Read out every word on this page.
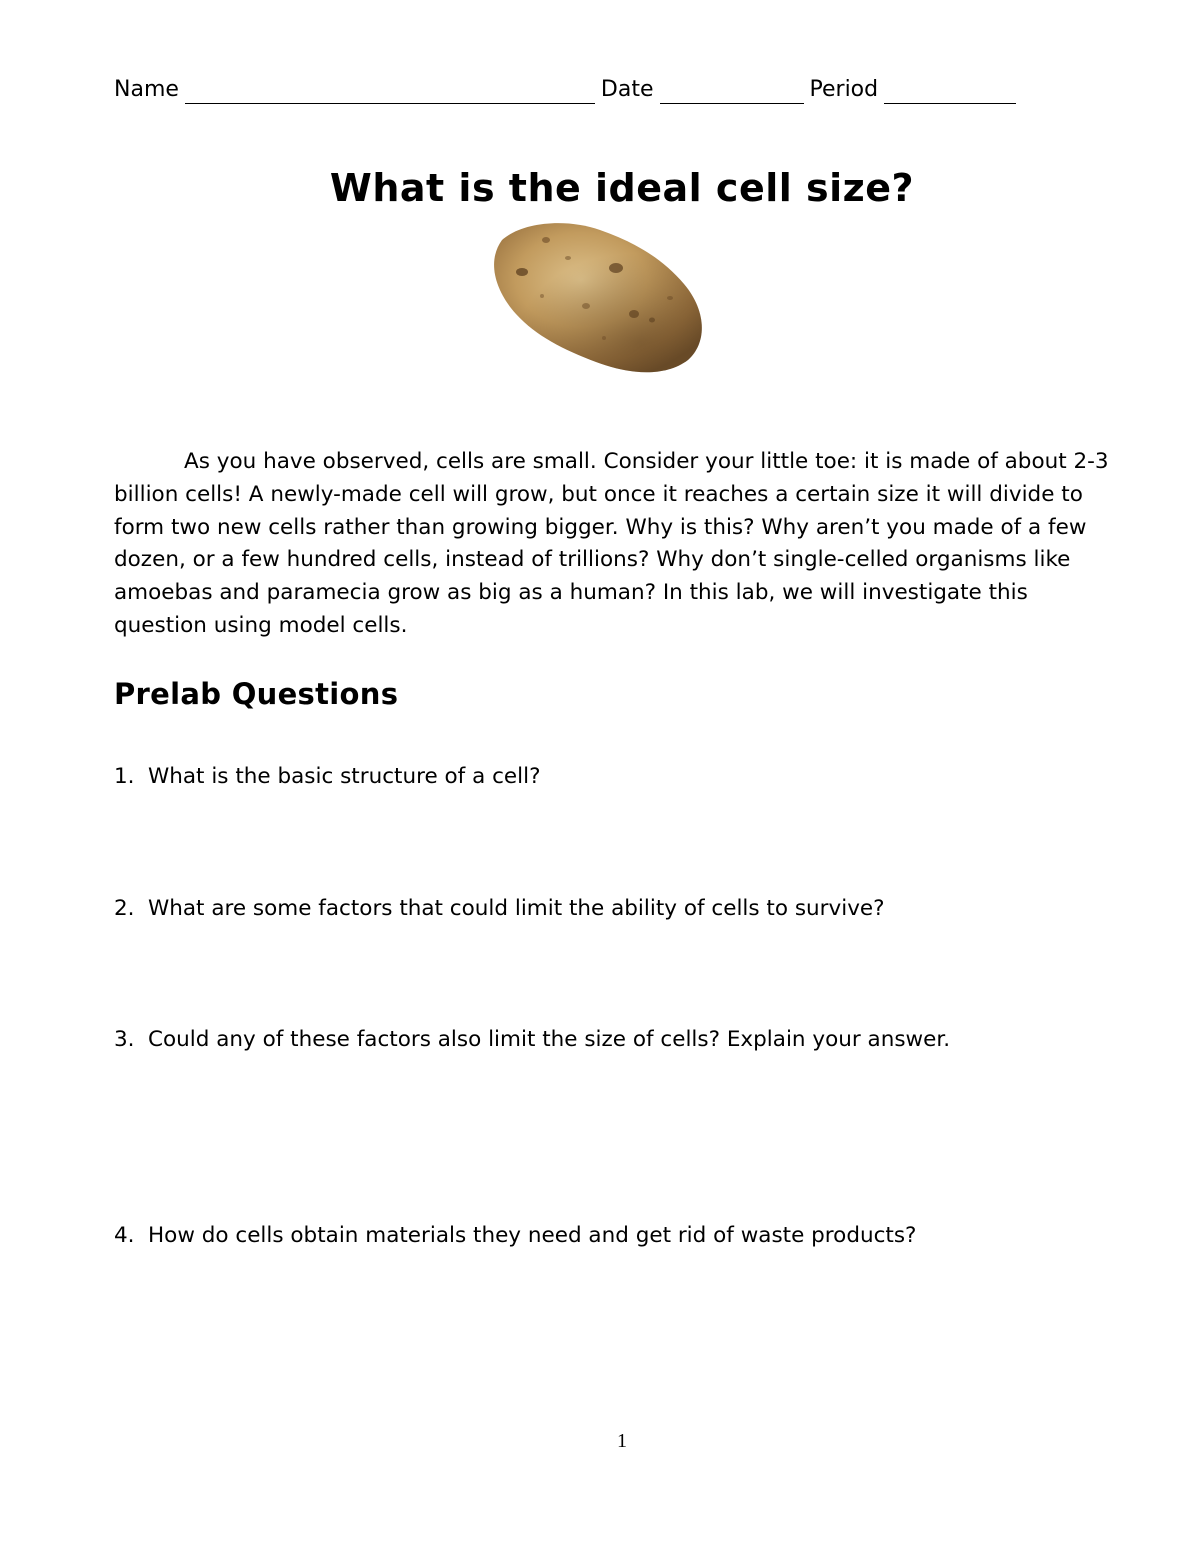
Name	Date	Period
What is the ideal cell size?

As you have observed, cells are small. Consider your little toe: it is made of about 2-3 billion cells! A newly-made cell will grow, but once it reaches a certain size it will divide to form two new cells rather than growing bigger. Why is this? Why aren’t you made of a few dozen, or a few hundred cells, instead of trillions? Why don’t single-celled organisms like amoebas and paramecia grow as big as a human? In this lab, we will investigate this question using model cells.

Prelab Questions
1. What is the basic structure of a cell?
2. What are some factors that could limit the ability of cells to survive?
3. Could any of these factors also limit the size of cells? Explain your answer.
4. How do cells obtain materials they need and get rid of waste products?
1
